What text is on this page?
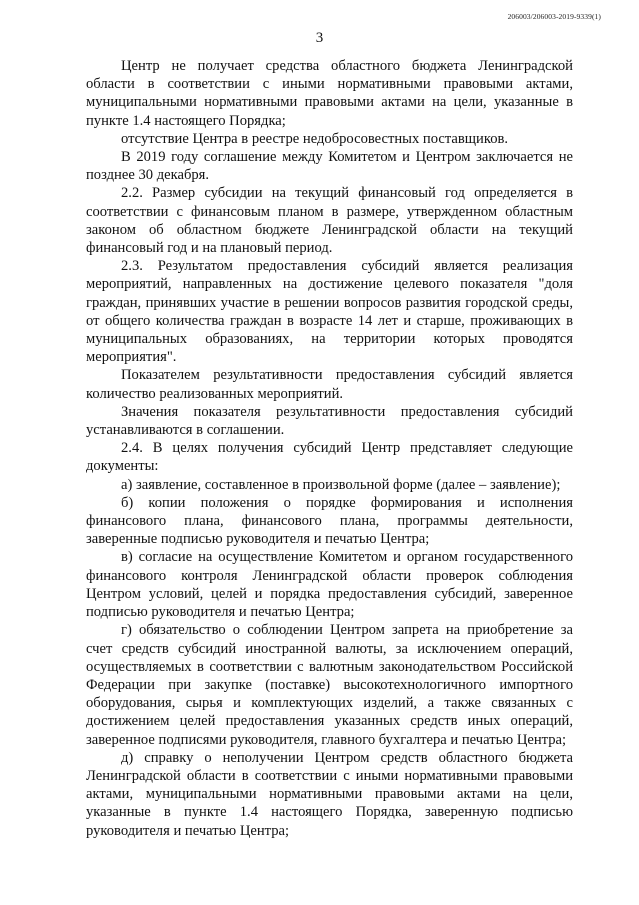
206003/206003-2019-9339(1)
3

Центр не получает средства областного бюджета Ленинградской области в соответствии с иными нормативными правовыми актами, муниципальными нормативными правовыми актами на цели, указанные в пункте 1.4 настоящего Порядка;

отсутствие Центра в реестре недобросовестных поставщиков.

В 2019 году соглашение между Комитетом и Центром заключается не позднее 30 декабря.

2.2. Размер субсидии на текущий финансовый год определяется в соответствии с финансовым планом в размере, утвержденном областным законом об областном бюджете Ленинградской области на текущий финансовый год и на плановый период.

2.3. Результатом предоставления субсидий является реализация мероприятий, направленных на достижение целевого показателя "доля граждан, принявших участие в решении вопросов развития городской среды, от общего количества граждан в возрасте 14 лет и старше, проживающих в муниципальных образованиях, на территории которых проводятся мероприятия".

Показателем результативности предоставления субсидий является количество реализованных мероприятий.

Значения показателя результативности предоставления субсидий устанавливаются в соглашении.

2.4. В целях получения субсидий Центр представляет следующие документы:

а) заявление, составленное в произвольной форме (далее – заявление);

б) копии положения о порядке формирования и исполнения финансового плана, финансового плана, программы деятельности, заверенные подписью руководителя и печатью Центра;

в) согласие на осуществление Комитетом и органом государственного финансового контроля Ленинградской области проверок соблюдения Центром условий, целей и порядка предоставления субсидий, заверенное подписью руководителя и печатью Центра;

г) обязательство о соблюдении Центром запрета на приобретение за счет средств субсидий иностранной валюты, за исключением операций, осуществляемых в соответствии с валютным законодательством Российской Федерации при закупке (поставке) высокотехнологичного импортного оборудования, сырья и комплектующих изделий, а также связанных с достижением целей предоставления указанных средств иных операций, заверенное подписями руководителя, главного бухгалтера и печатью Центра;

д) справку о неполучении Центром средств областного бюджета Ленинградской области в соответствии с иными нормативными правовыми актами, муниципальными нормативными правовыми актами на цели, указанные в пункте 1.4 настоящего Порядка, заверенную подписью руководителя и печатью Центра;
